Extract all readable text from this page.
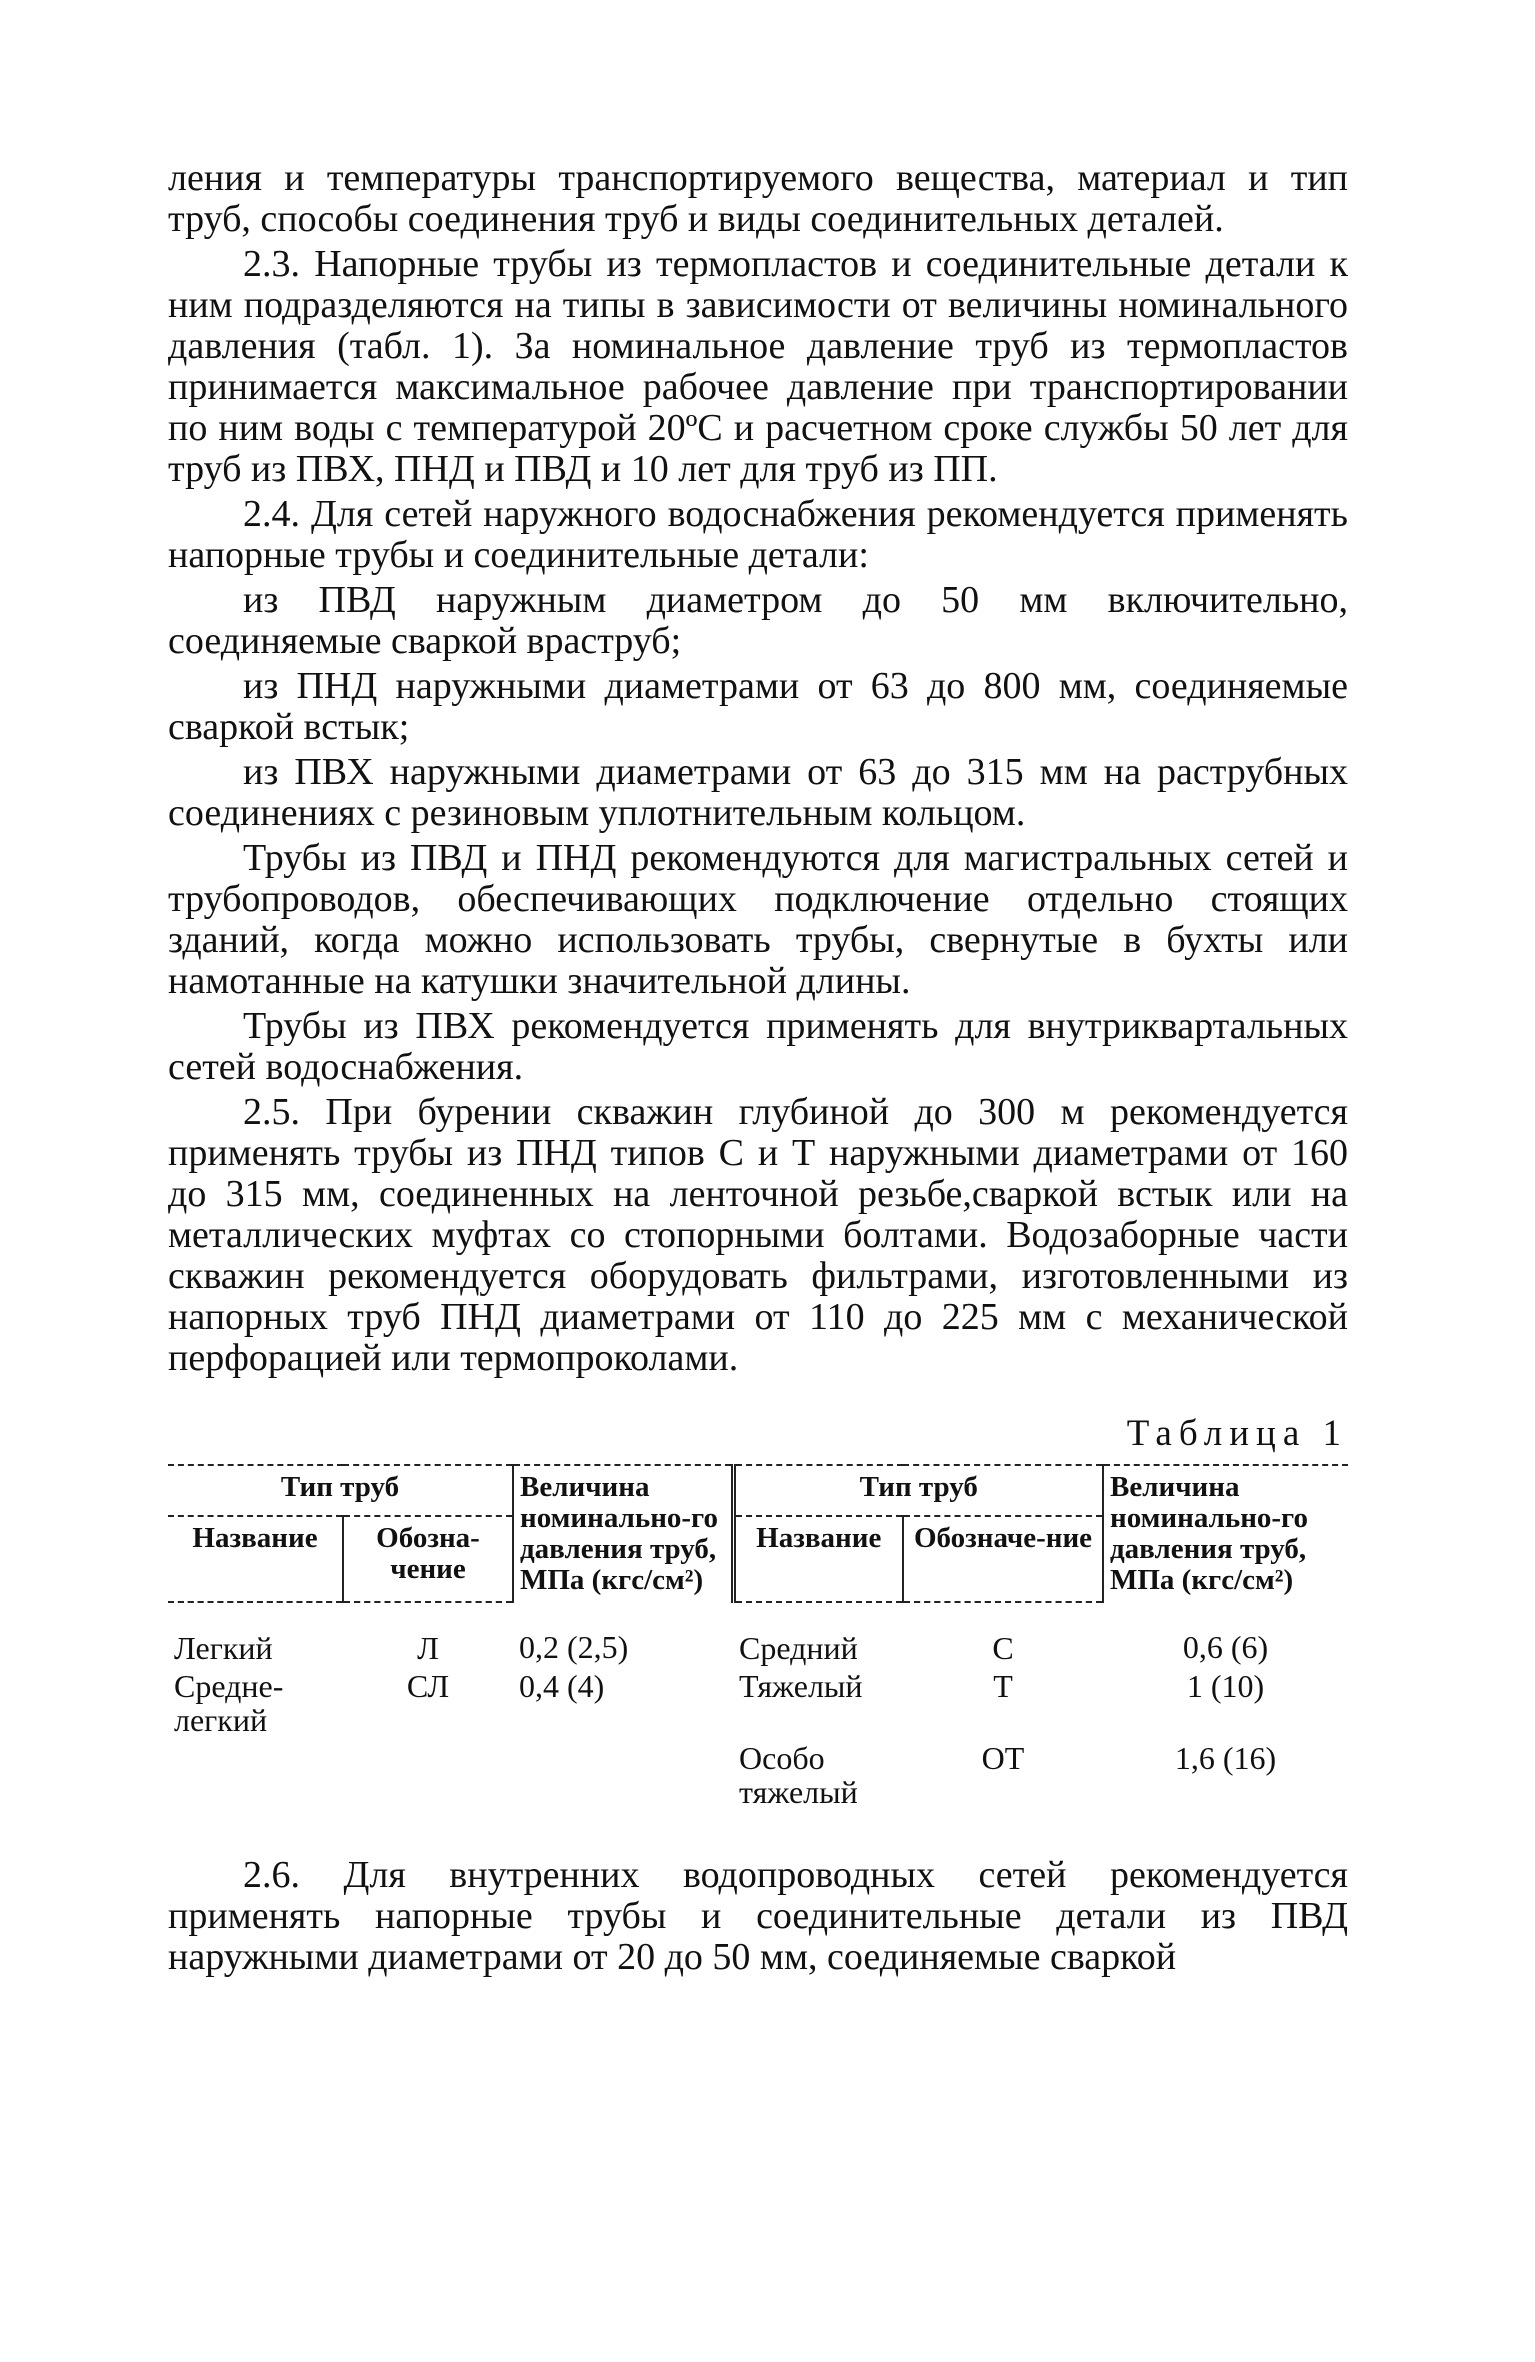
ления и температуры транспортируемого вещества, материал и тип труб, способы соединения труб и виды соединительных деталей.

2.3. Напорные трубы из термопластов и соединительные детали к ним подразделяются на типы в зависимости от величины номинального давления (табл. 1). За номинальное давление труб из термопластов принимается максимальное рабочее давление при транспортировании по ним воды с температурой 20ºС и расчетном сроке службы 50 лет для труб из ПВХ, ПНД и ПВД и 10 лет для труб из ПП.

2.4. Для сетей наружного водоснабжения рекомендуется применять напорные трубы и соединительные детали:

из ПВД наружным диаметром до 50 мм включительно, соединяемые сваркой враструб;

из ПНД наружными диаметрами от 63 до 800 мм, соединяемые сваркой встык;

из ПВХ наружными диаметрами от 63 до 315 мм на раструбных соединениях с резиновым уплотнительным кольцом.

Трубы из ПВД и ПНД рекомендуются для магистральных сетей и трубопроводов, обеспечивающих подключение отдельно стоящих зданий, когда можно использовать трубы, свернутые в бухты или намотанные на катушки значительной длины.

Трубы из ПВХ рекомендуется применять для внутриквартальных сетей водоснабжения.

2.5. При бурении скважин глубиной до 300 м рекомендуется применять трубы из ПНД типов С и Т наружными диаметрами от 160 до 315 мм, соединенных на ленточной резьбе,сваркой встык или на металлических муфтах со стопорными болтами. Водозаборные части скважин рекомендуется оборудовать фильтрами, изготовленными из напорных труб ПНД диаметрами от 110 до 225 мм с механической перфорацией или термопроколами.

Таблица 1
Тип труб		Величина номинально-го давления труб, МПа (кгс/см²)	Тип труб		Величина номинально-го давления труб, МПа (кгс/см²)
Название	Обозна-чение		Название	Обозначе-ние	
Легкий	Л	0,2 (2,5)	Средний	С	0,6 (6)
Средне-легкий	СЛ	0,4 (4)	Тяжелый	Т	1 (10)
			Особо тяжелый	ОТ	1,6 (16)

2.6. Для внутренних водопроводных сетей рекомендуется применять напорные трубы и соединительные детали из ПВД наружными диаметрами от 20 до 50 мм, соединяемые сваркой
